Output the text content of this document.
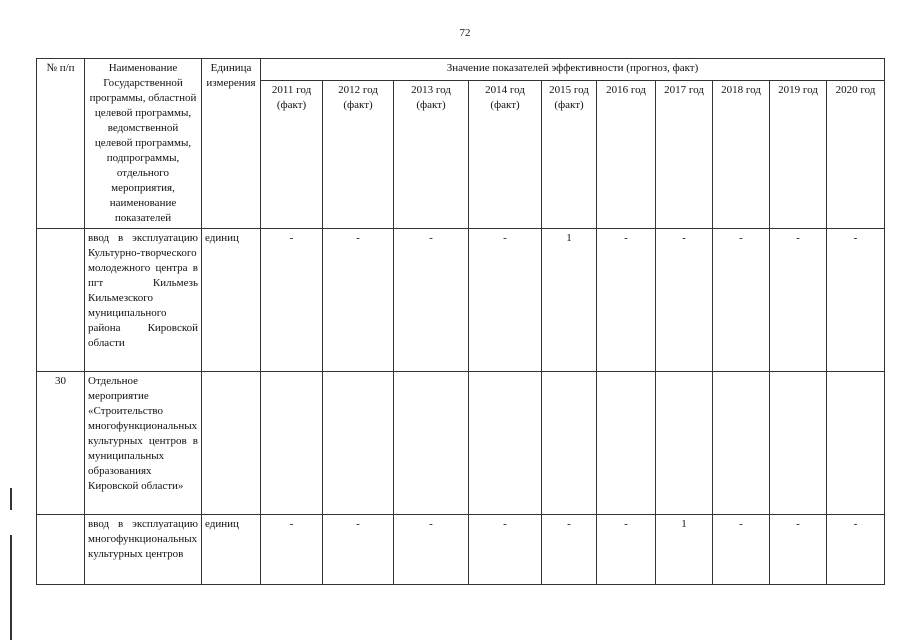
72
№ п/п	Наименование Государственной программы, областной целевой программы, ведомственной целевой программы, подпрограммы, отдельного мероприятия, наименование показателей	Единица измерения	Значение показателей эффективности (прогноз, факт)									
			2011 год (факт)	2012 год (факт)	2013 год (факт)	2014 год (факт)	2015 год (факт)	2016 год	2017 год	2018 год	2019 год	2020 год
	ввод в эксплуатацию Культурно-творческого молодежного центра в пгт Кильмезь Кильмезского муниципального района Кировской области	единиц	-	-	-	-	1	-	-	-	-	-
30	Отдельное мероприятие «Строительство многофункциональных культурных центров в муниципальных образованиях Кировской области»											
	ввод в эксплуатацию многофункциональных культурных центров	единиц	-	-	-	-	-	-	1	-	-	-
